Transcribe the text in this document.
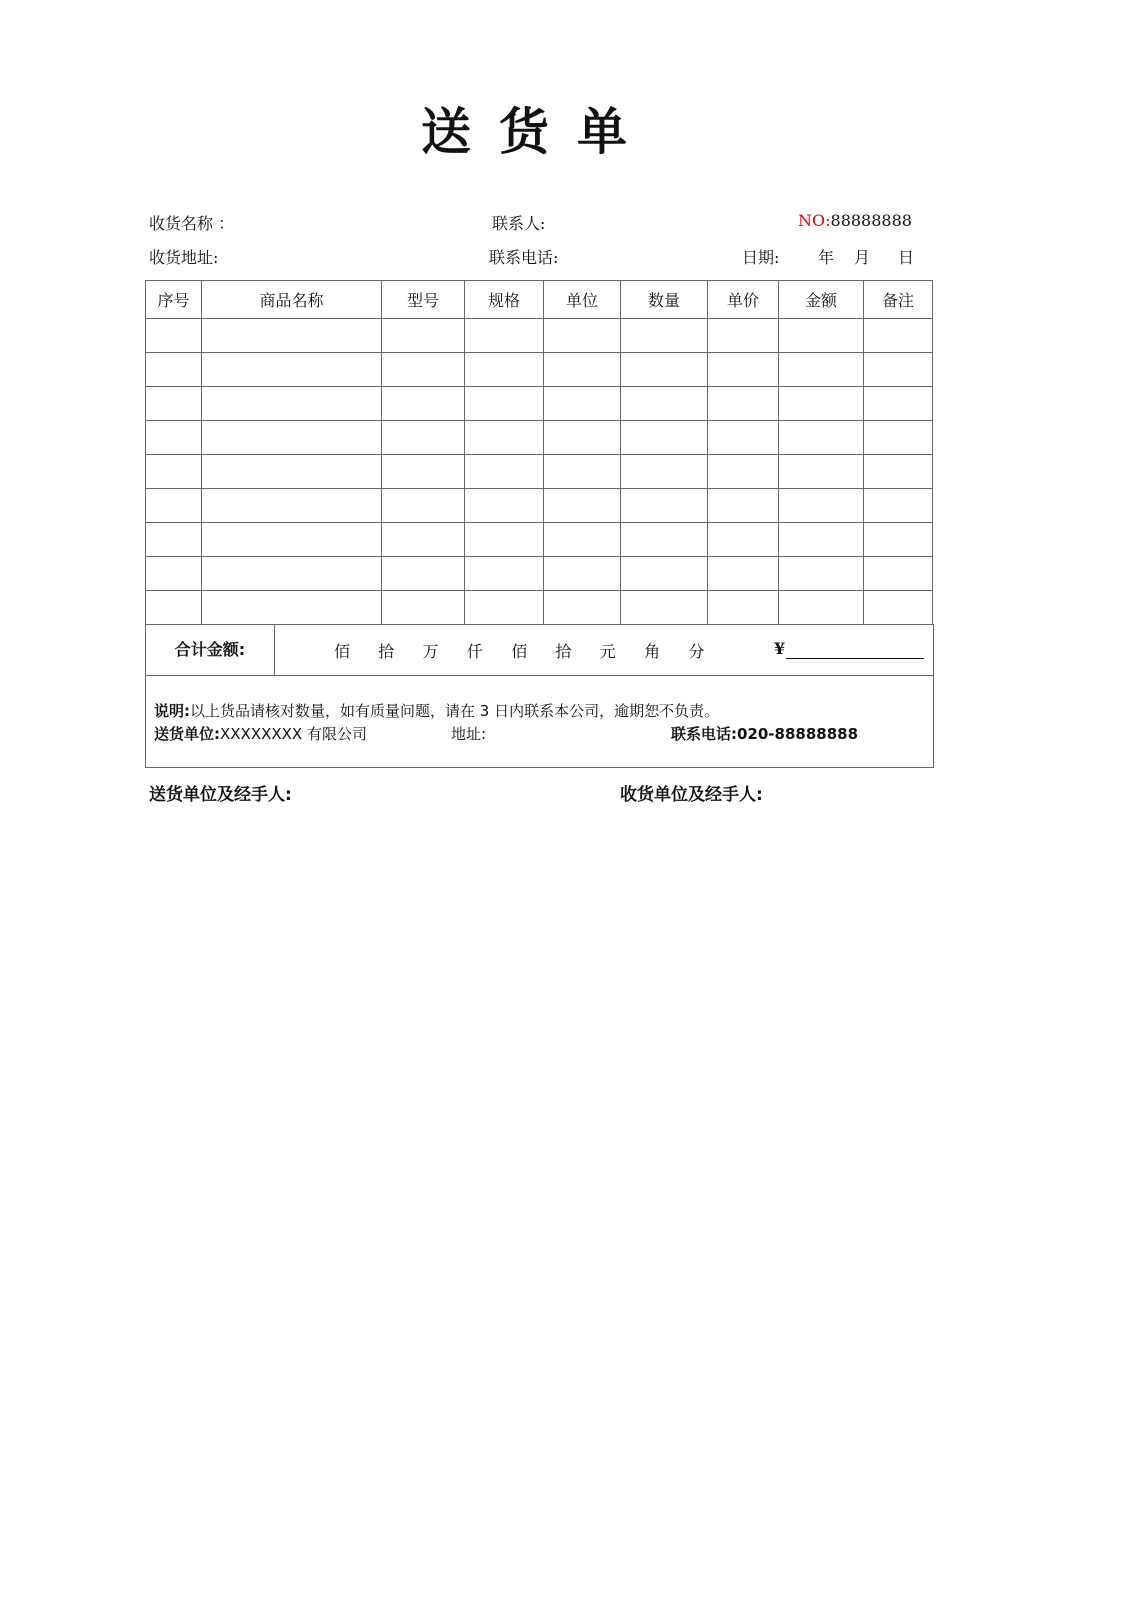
送货单
收货名称 ：	联系人:	NO:88888888
收货地址:	联系电话:	日期: 年 月 日
序号	商品名称	型号	规格	单位	数量	单价	金额	备注

合计金额:	佰 拾 万 仟 佰 拾 元 角 分	¥
说明:以上货品请核对数量，如有质量问题，请在 3 日内联系本公司，逾期恕不负责。
送货单位:XXXXXXXX 有限公司	地址:	联系电话:020-88888888
送货单位及经手人:	收货单位及经手人:
